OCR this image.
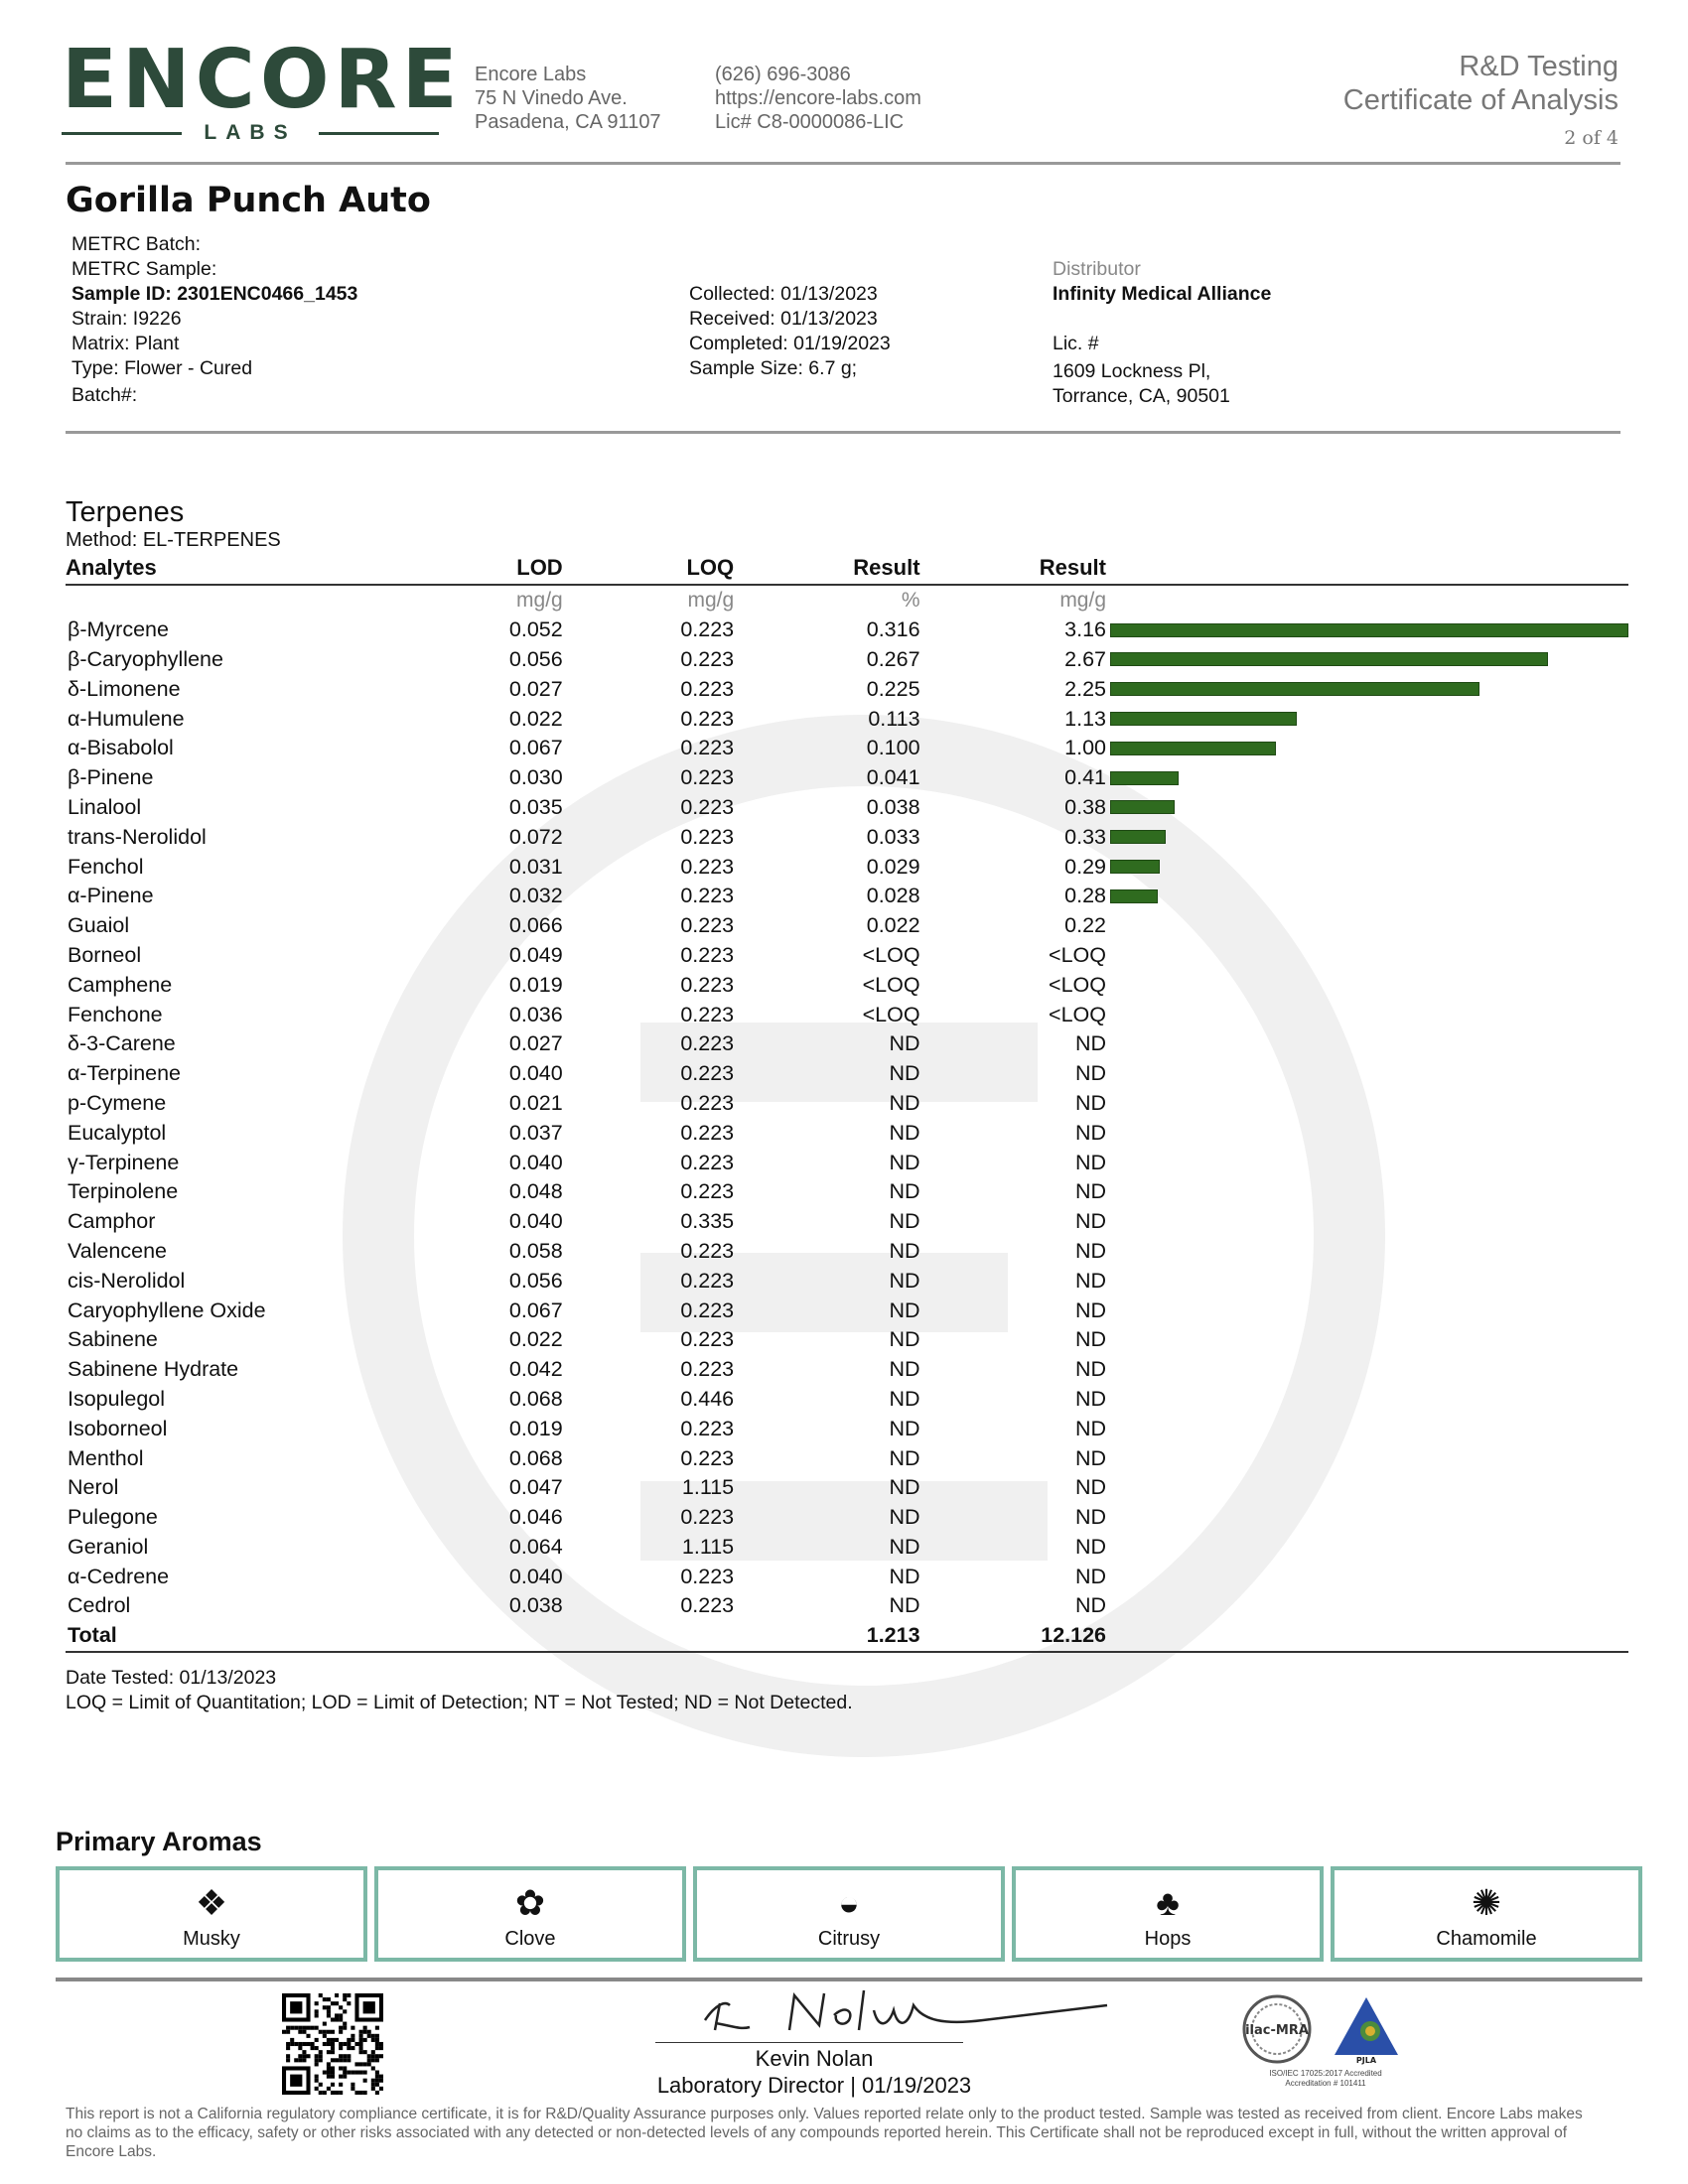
ENCORE
LABS
Encore Labs
75 N Vinedo Ave.
Pasadena, CA 91107
(626) 696-3086
https://encore-labs.com
Lic# C8-0000086-LIC
R&D Testing
Certificate of Analysis
2 of 4
Gorilla Punch Auto
METRC Batch:
METRC Sample:
Sample ID: 2301ENC0466_1453
Strain: I9226
Matrix: Plant
Type: Flower - Cured
Batch#:
Collected: 01/13/2023
Received: 01/13/2023
Completed: 01/19/2023
Sample Size: 6.7 g;
Distributor
Infinity Medical Alliance
Lic. #
1609 Lockness Pl,
Torrance, CA, 90501
Terpenes
Method: EL-TERPENES
Analytes	LOD	LOQ	Result	Result	
	mg/g	mg/g	%	mg/g	
β-Myrcene	0.052	0.223	0.316	3.16	

β-Caryophyllene	0.056	0.223	0.267	2.67	

δ-Limonene	0.027	0.223	0.225	2.25	

α-Humulene	0.022	0.223	0.113	1.13	

α-Bisabolol	0.067	0.223	0.100	1.00	

β-Pinene	0.030	0.223	0.041	0.41	

Linalool	0.035	0.223	0.038	0.38	

trans-Nerolidol	0.072	0.223	0.033	0.33	

Fenchol	0.031	0.223	0.029	0.29	

α-Pinene	0.032	0.223	0.028	0.28	

Guaiol	0.066	0.223	0.022	0.22	
Borneol	0.049	0.223	<LOQ	<LOQ	
Camphene	0.019	0.223	<LOQ	<LOQ	
Fenchone	0.036	0.223	<LOQ	<LOQ	
δ-3-Carene	0.027	0.223	ND	ND	
α-Terpinene	0.040	0.223	ND	ND	
p-Cymene	0.021	0.223	ND	ND	
Eucalyptol	0.037	0.223	ND	ND	
γ-Terpinene	0.040	0.223	ND	ND	
Terpinolene	0.048	0.223	ND	ND	
Camphor	0.040	0.335	ND	ND	
Valencene	0.058	0.223	ND	ND	
cis-Nerolidol	0.056	0.223	ND	ND	
Caryophyllene Oxide	0.067	0.223	ND	ND	
Sabinene	0.022	0.223	ND	ND	
Sabinene Hydrate	0.042	0.223	ND	ND	
Isopulegol	0.068	0.446	ND	ND	
Isoborneol	0.019	0.223	ND	ND	
Menthol	0.068	0.223	ND	ND	
Nerol	0.047	1.115	ND	ND	
Pulegone	0.046	0.223	ND	ND	
Geraniol	0.064	1.115	ND	ND	
α-Cedrene	0.040	0.223	ND	ND	
Cedrol	0.038	0.223	ND	ND	
Total			1.213	12.126	
Date Tested: 01/13/2023
LOQ = Limit of Quantitation; LOD = Limit of Detection; NT = Not Tested; ND = Not Detected.
Primary Aromas
❖
Musky
✿
Clove
◒
Citrusy
♣
Hops
✺
Chamomile
Kevin Nolan
Laboratory Director | 01/19/2023
ilac-MRA
PJLA
ISO/IEC 17025:2017 Accredited
Accreditation # 101411
This report is not a California regulatory compliance certificate, it is for R&D/Quality Assurance purposes only. Values reported relate only to the product tested. Sample was tested as received from client. Encore Labs makes no claims as to the efficacy, safety or other risks associated with any detected or non-detected levels of any compounds reported herein. This Certificate shall not be reproduced except in full, without the written approval of Encore Labs.
